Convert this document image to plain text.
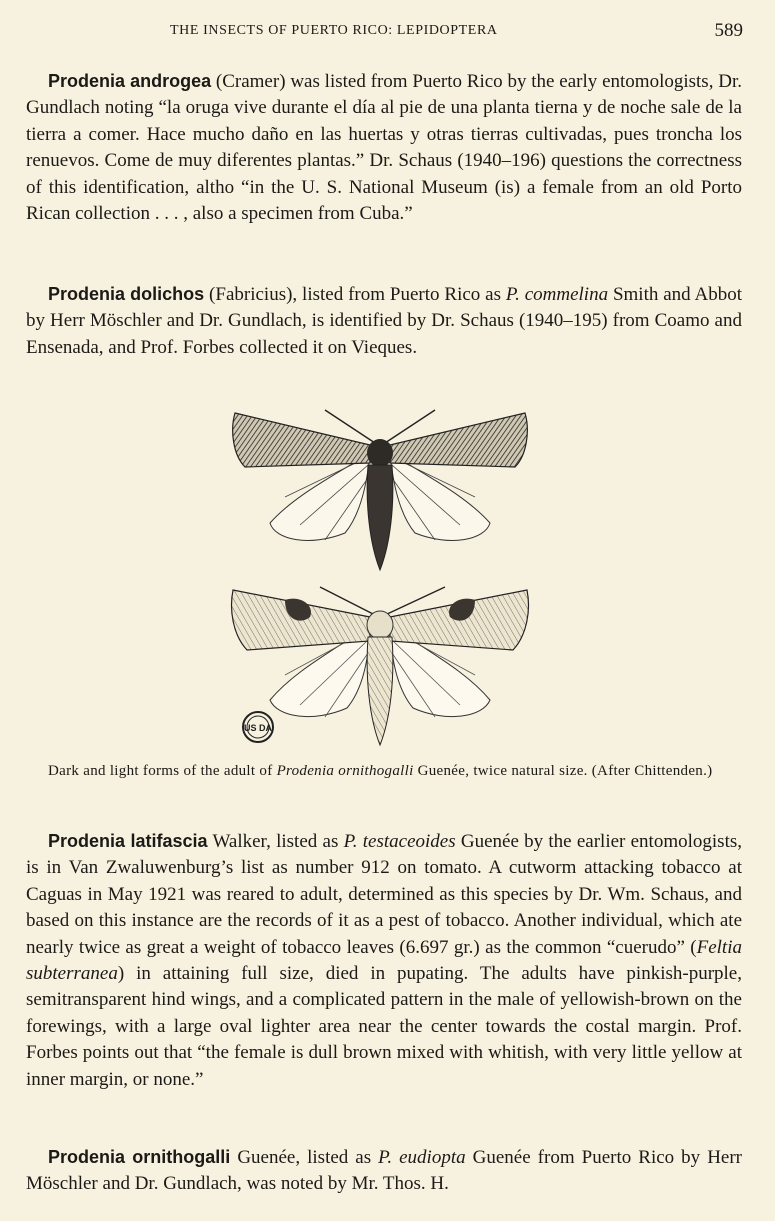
THE INSECTS OF PUERTO RICO: LEPIDOPTERA	589

Prodenia androgea (Cramer) was listed from Puerto Rico by the early entomologists, Dr. Gundlach noting “la oruga vive durante el día al pie de una planta tierna y de noche sale de la tierra a comer. Hace mucho daño en las huertas y otras tierras cultivadas, pues troncha los renuevos. Come de muy diferentes plantas.” Dr. Schaus (1940–196) questions the correctness of this identification, altho “in the U. S. National Museum (is) a female from an old Porto Rican collection . . . , also a specimen from Cuba.”

Prodenia dolichos (Fabricius), listed from Puerto Rico as P. commelina Smith and Abbot by Herr Möschler and Dr. Gundlach, is identified by Dr. Schaus (1940–195) from Coamo and Ensenada, and Prof. Forbes collected it on Vieques.

US DA

Dark and light forms of the adult of Prodenia ornithogalli Guenée, twice natural size. (After Chittenden.)

Prodenia latifascia Walker, listed as P. testaceoides Guenée by the earlier entomologists, is in Van Zwaluwenburg’s list as number 912 on tomato. A cutworm attacking tobacco at Caguas in May 1921 was reared to adult, determined as this species by Dr. Wm. Schaus, and based on this instance are the records of it as a pest of tobacco. Another individual, which ate nearly twice as great a weight of tobacco leaves (6.697 gr.) as the common “cuerudo” (Feltia subterranea) in attaining full size, died in pupating. The adults have pinkish-purple, semitransparent hind wings, and a complicated pattern in the male of yellowish-brown on the forewings, with a large oval lighter area near the center towards the costal margin. Prof. Forbes points out that “the female is dull brown mixed with whitish, with very little yellow at inner margin, or none.”

Prodenia ornithogalli Guenée, listed as P. eudiopta Guenée from Puerto Rico by Herr Möschler and Dr. Gundlach, was noted by Mr. Thos. H.
